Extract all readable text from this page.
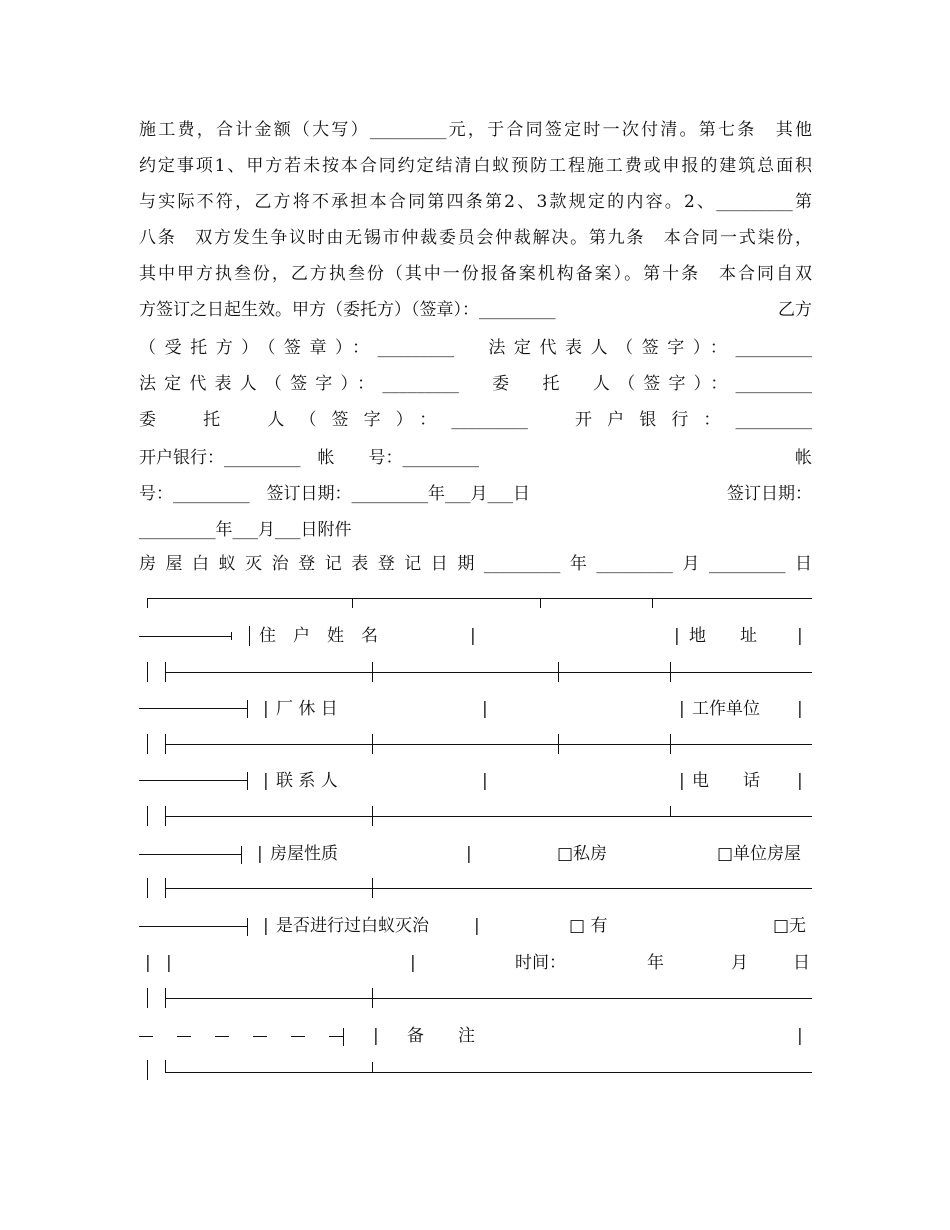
施工费，合计金额（大写）_________元，于合同签定时一次付清。第七条　其他
约定事项1、甲方若未按本合同约定结清白蚁预防工程施工费或申报的建筑总面积
与实际不符，乙方将不承担本合同第四条第2、3款规定的内容。2、_________第
八条　双方发生争议时由无锡市仲裁委员会仲裁解决。第九条　本合同一式柒份，
其中甲方执叁份，乙方执叁份（其中一份报备案机构备案）。第十条　本合同自双
方签订之日起生效。甲方（委托方）（签章）：_________	乙方
（受托方）（签章）：_________　法定代表人（签字）：_________
法定代表人（签字）：_________　委　托　人（签字）：_________
委　托　人（签字）：_________　开户银行：_________
开户银行：_________　帐　　号：_________	帐
号：_________　签订日期：_________年___月___日	签订日期：
_________年___月___日附件
房屋白蚁灭治登记表登记日期_________年_________月_________日
住　户　姓　名	|	| 地　　址 |
| 厂 休 日	|	| 工作单位 |
| 联 系 人	|	| 电　　话 |
| 房屋性质	|	□私房	□单位房屋
| 是否进行过白蚁灭治	|	□ 有	□无
| |	|	时间：	年	月	日
| 备　　注	|
